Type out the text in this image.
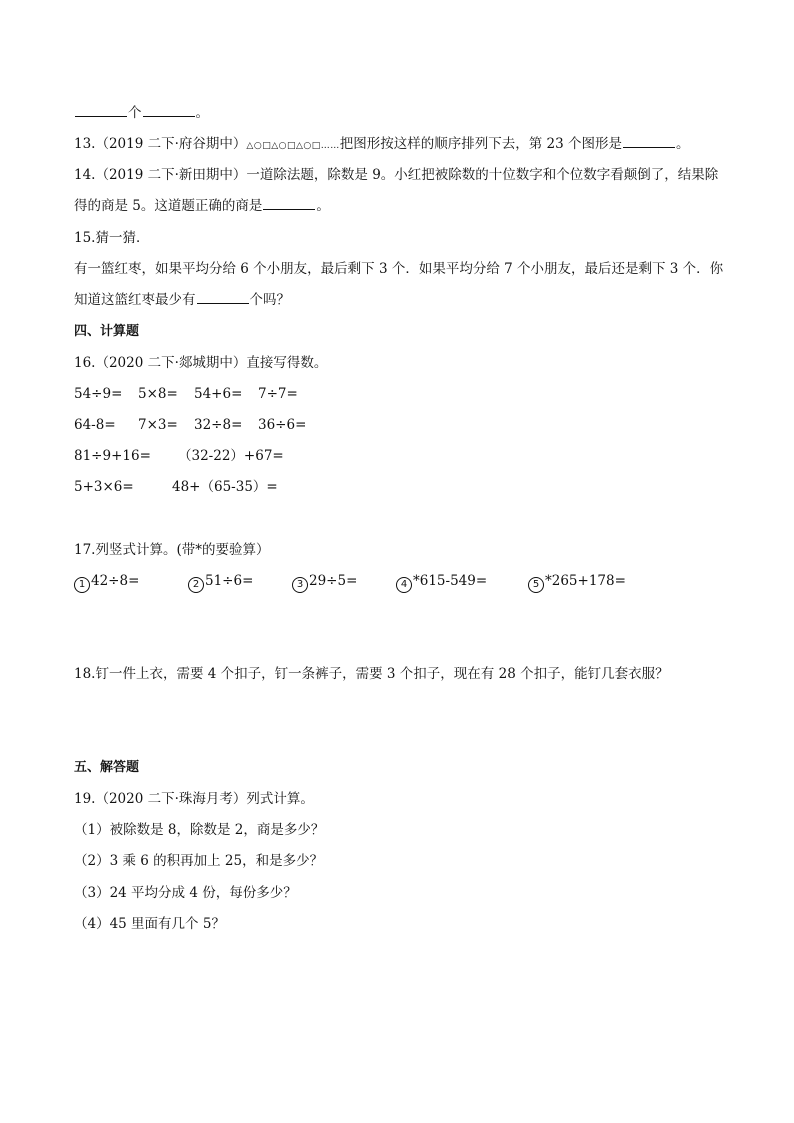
个	。
13.（2019 二下·府谷期中）△○□△○□△○□……把图形按这样的顺序排列下去，第 23 个图形是	。
14.（2019 二下·新田期中）一道除法题，除数是 9。小红把被除数的十位数字和个位数字看颠倒了，结果除
得的商是 5。这道题正确的商是	。
15.猜一猜．
有一篮红枣，如果平均分给 6 个小朋友，最后剩下 3 个．如果平均分给 7 个小朋友，最后还是剩下 3 个．你
知道这篮红枣最少有	个吗？
四、计算题
16.（2020 二下·郯城期中）直接写得数。
54÷9= 5×8= 54+6= 7÷7=
64-8= 7×3= 32÷8= 36÷6=
81÷9+16= （32-22）+67=
5+3×6=	48+（65-35）=
17.列竖式计算。(带*的要验算）
1 42÷8=	2 51÷6=	3 29÷5=	4 *615-549=	5 *265+178=
18.钉一件上衣，需要 4 个扣子，钉一条裤子，需要 3 个扣子，现在有 28 个扣子，能钉几套衣服？
五、解答题
19.（2020 二下·珠海月考）列式计算。
（1）被除数是 8，除数是 2，商是多少？
（2）3 乘 6 的积再加上 25，和是多少？
（3）24 平均分成 4 份，每份多少？
（4）45 里面有几个 5？
